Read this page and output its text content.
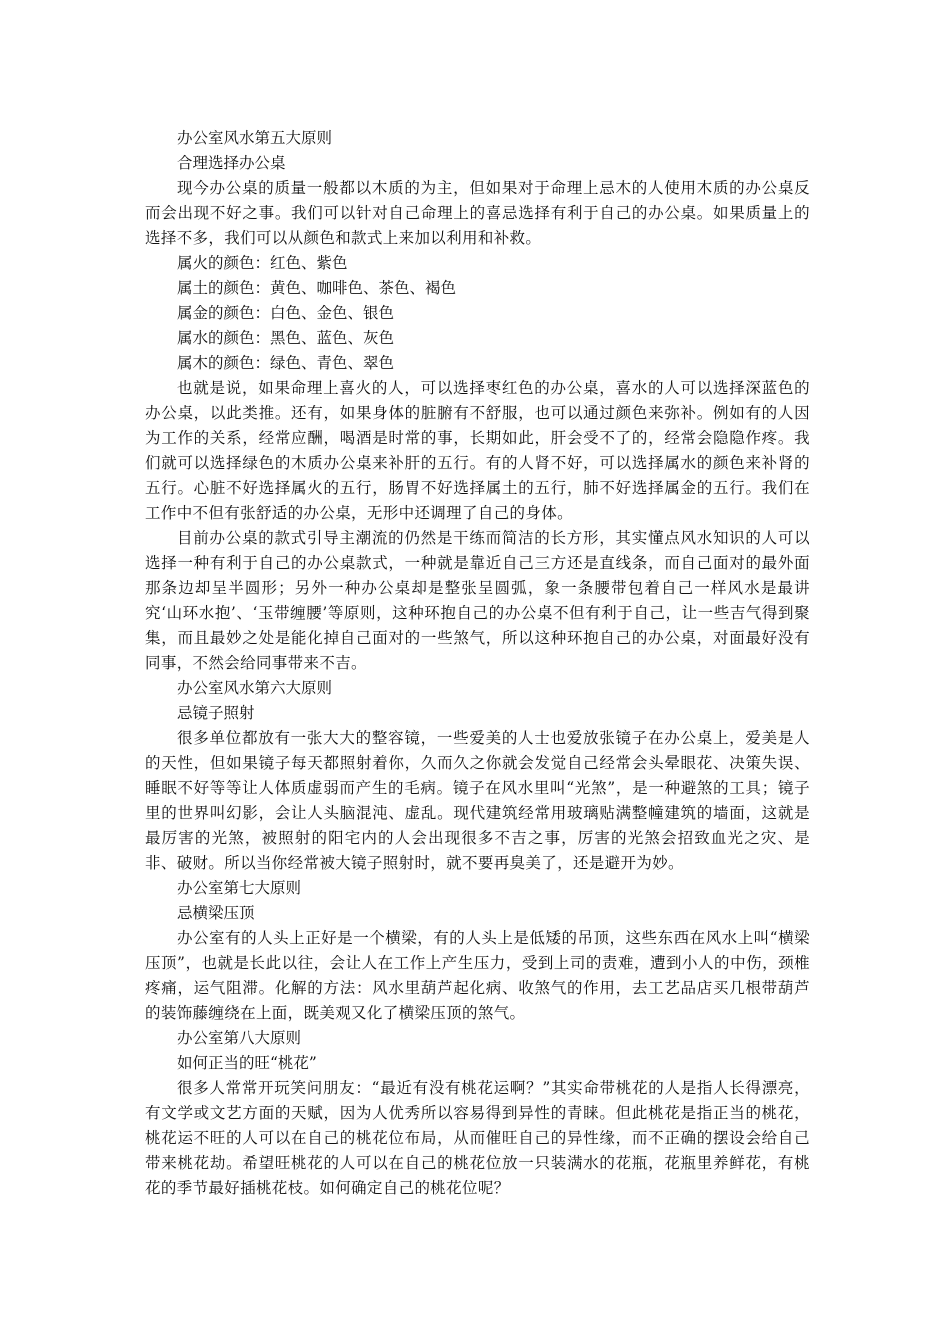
办公室风水第五大原则
合理选择办公桌

现今办公桌的质量一般都以木质的为主，但如果对于命理上忌木的人使用木质的办公桌反而会出现不好之事。我们可以针对自己命理上的喜忌选择有利于自己的办公桌。如果质量上的选择不多，我们可以从颜色和款式上来加以利用和补救。

属火的颜色：红色、紫色
属土的颜色：黄色、咖啡色、茶色、褐色
属金的颜色：白色、金色、银色
属水的颜色：黑色、蓝色、灰色
属木的颜色：绿色、青色、翠色

也就是说，如果命理上喜火的人，可以选择枣红色的办公桌，喜水的人可以选择深蓝色的办公桌，以此类推。还有，如果身体的脏腑有不舒服，也可以通过颜色来弥补。例如有的人因为工作的关系，经常应酬，喝酒是时常的事，长期如此，肝会受不了的，经常会隐隐作疼。我们就可以选择绿色的木质办公桌来补肝的五行。有的人肾不好，可以选择属水的颜色来补肾的五行。心脏不好选择属火的五行，肠胃不好选择属土的五行，肺不好选择属金的五行。我们在工作中不但有张舒适的办公桌，无形中还调理了自己的身体。

目前办公桌的款式引导主潮流的仍然是干练而简洁的长方形，其实懂点风水知识的人可以选择一种有利于自己的办公桌款式，一种就是靠近自己三方还是直线条，而自己面对的最外面那条边却呈半圆形；另外一种办公桌却是整张呈圆弧，象一条腰带包着自己一样风水是最讲究‘山环水抱’、‘玉带缠腰’等原则，这种环抱自己的办公桌不但有利于自己，让一些吉气得到聚集，而且最妙之处是能化掉自己面对的一些煞气，所以这种环抱自己的办公桌，对面最好没有同事，不然会给同事带来不吉。

办公室风水第六大原则
忌镜子照射

很多单位都放有一张大大的整容镜，一些爱美的人士也爱放张镜子在办公桌上，爱美是人的天性，但如果镜子每天都照射着你，久而久之你就会发觉自己经常会头晕眼花、决策失误、睡眠不好等等让人体质虚弱而产生的毛病。镜子在风水里叫“光煞”，是一种避煞的工具；镜子里的世界叫幻影，会让人头脑混沌、虚乱。现代建筑经常用玻璃贴满整幢建筑的墙面，这就是最厉害的光煞，被照射的阳宅内的人会出现很多不吉之事，厉害的光煞会招致血光之灾、是非、破财。所以当你经常被大镜子照射时，就不要再臭美了，还是避开为妙。

办公室第七大原则
忌横梁压顶

办公室有的人头上正好是一个横梁，有的人头上是低矮的吊顶，这些东西在风水上叫“横梁压顶”，也就是长此以往，会让人在工作上产生压力，受到上司的责难，遭到小人的中伤，颈椎疼痛，运气阻滞。化解的方法：风水里葫芦起化病、收煞气的作用，去工艺品店买几根带葫芦的装饰藤缠绕在上面，既美观又化了横梁压顶的煞气。

办公室第八大原则
如何正当的旺“桃花”

很多人常常开玩笑问朋友：“最近有没有桃花运啊？”其实命带桃花的人是指人长得漂亮，有文学或文艺方面的天赋，因为人优秀所以容易得到异性的青睐。但此桃花是指正当的桃花，桃花运不旺的人可以在自己的桃花位布局，从而催旺自己的异性缘，而不正确的摆设会给自己带来桃花劫。希望旺桃花的人可以在自己的桃花位放一只装满水的花瓶，花瓶里养鲜花，有桃花的季节最好插桃花枝。如何确定自己的桃花位呢？
